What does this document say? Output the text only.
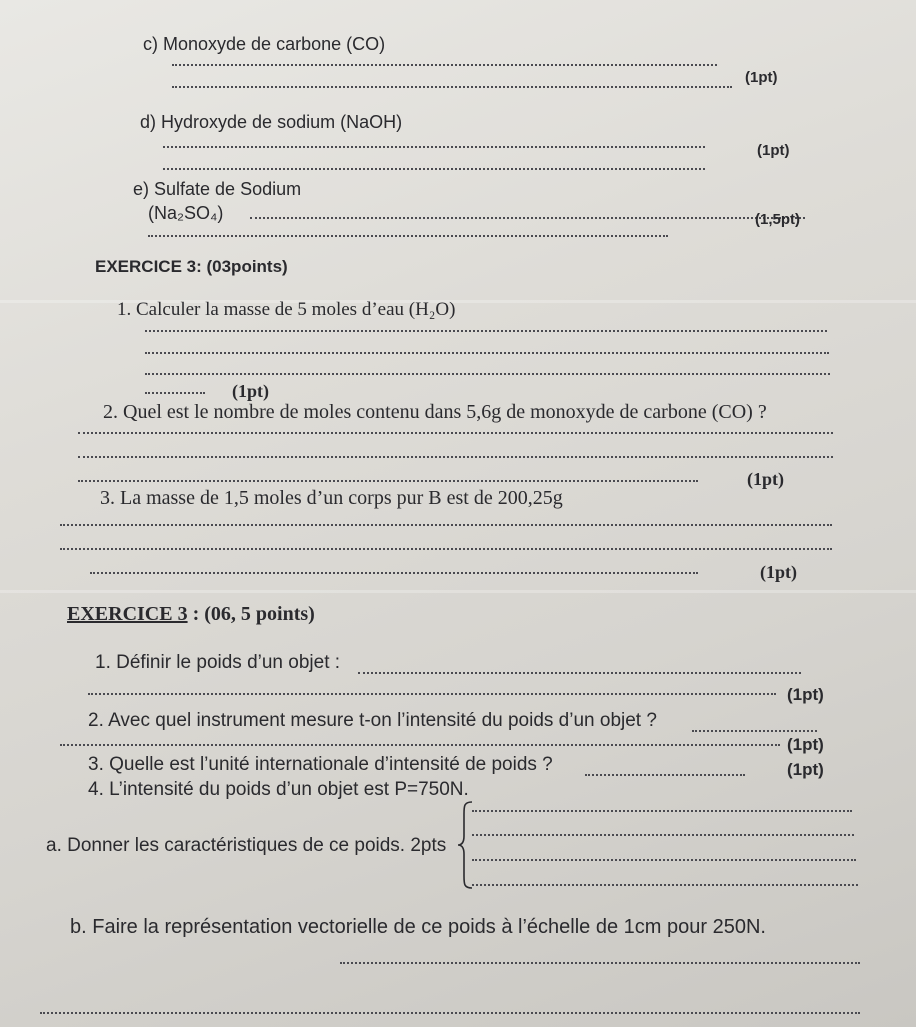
c) Monoxyde de carbone (CO)
(1pt)
d) Hydroxyde de sodium (NaOH)
(1pt)
e) Sulfate de Sodium
(Na₂SO₄)	(1,5pt)
EXERCICE 3: (03points)
1. Calculer la masse de 5 moles d’eau (H₂O)
(1pt)
2. Quel est le nombre de moles contenu dans 5,6g de monoxyde de carbone (CO) ?
(1pt)
3. La masse de 1,5 moles d’un corps pur B est de 200,25g
(1pt)
EXERCICE 3 : (06, 5 points)
1. Définir le poids d’un objet :
(1pt)
2. Avec quel instrument mesure t-on l’intensité du poids d’un objet ?
(1pt)
3. Quelle est l’unité internationale d’intensité de poids ?	(1pt)
4. L’intensité du poids d’un objet est P=750N.
a. Donner les caractéristiques de ce poids. 2pts
b. Faire la représentation vectorielle de ce poids à l’échelle de 1cm pour 250N.
